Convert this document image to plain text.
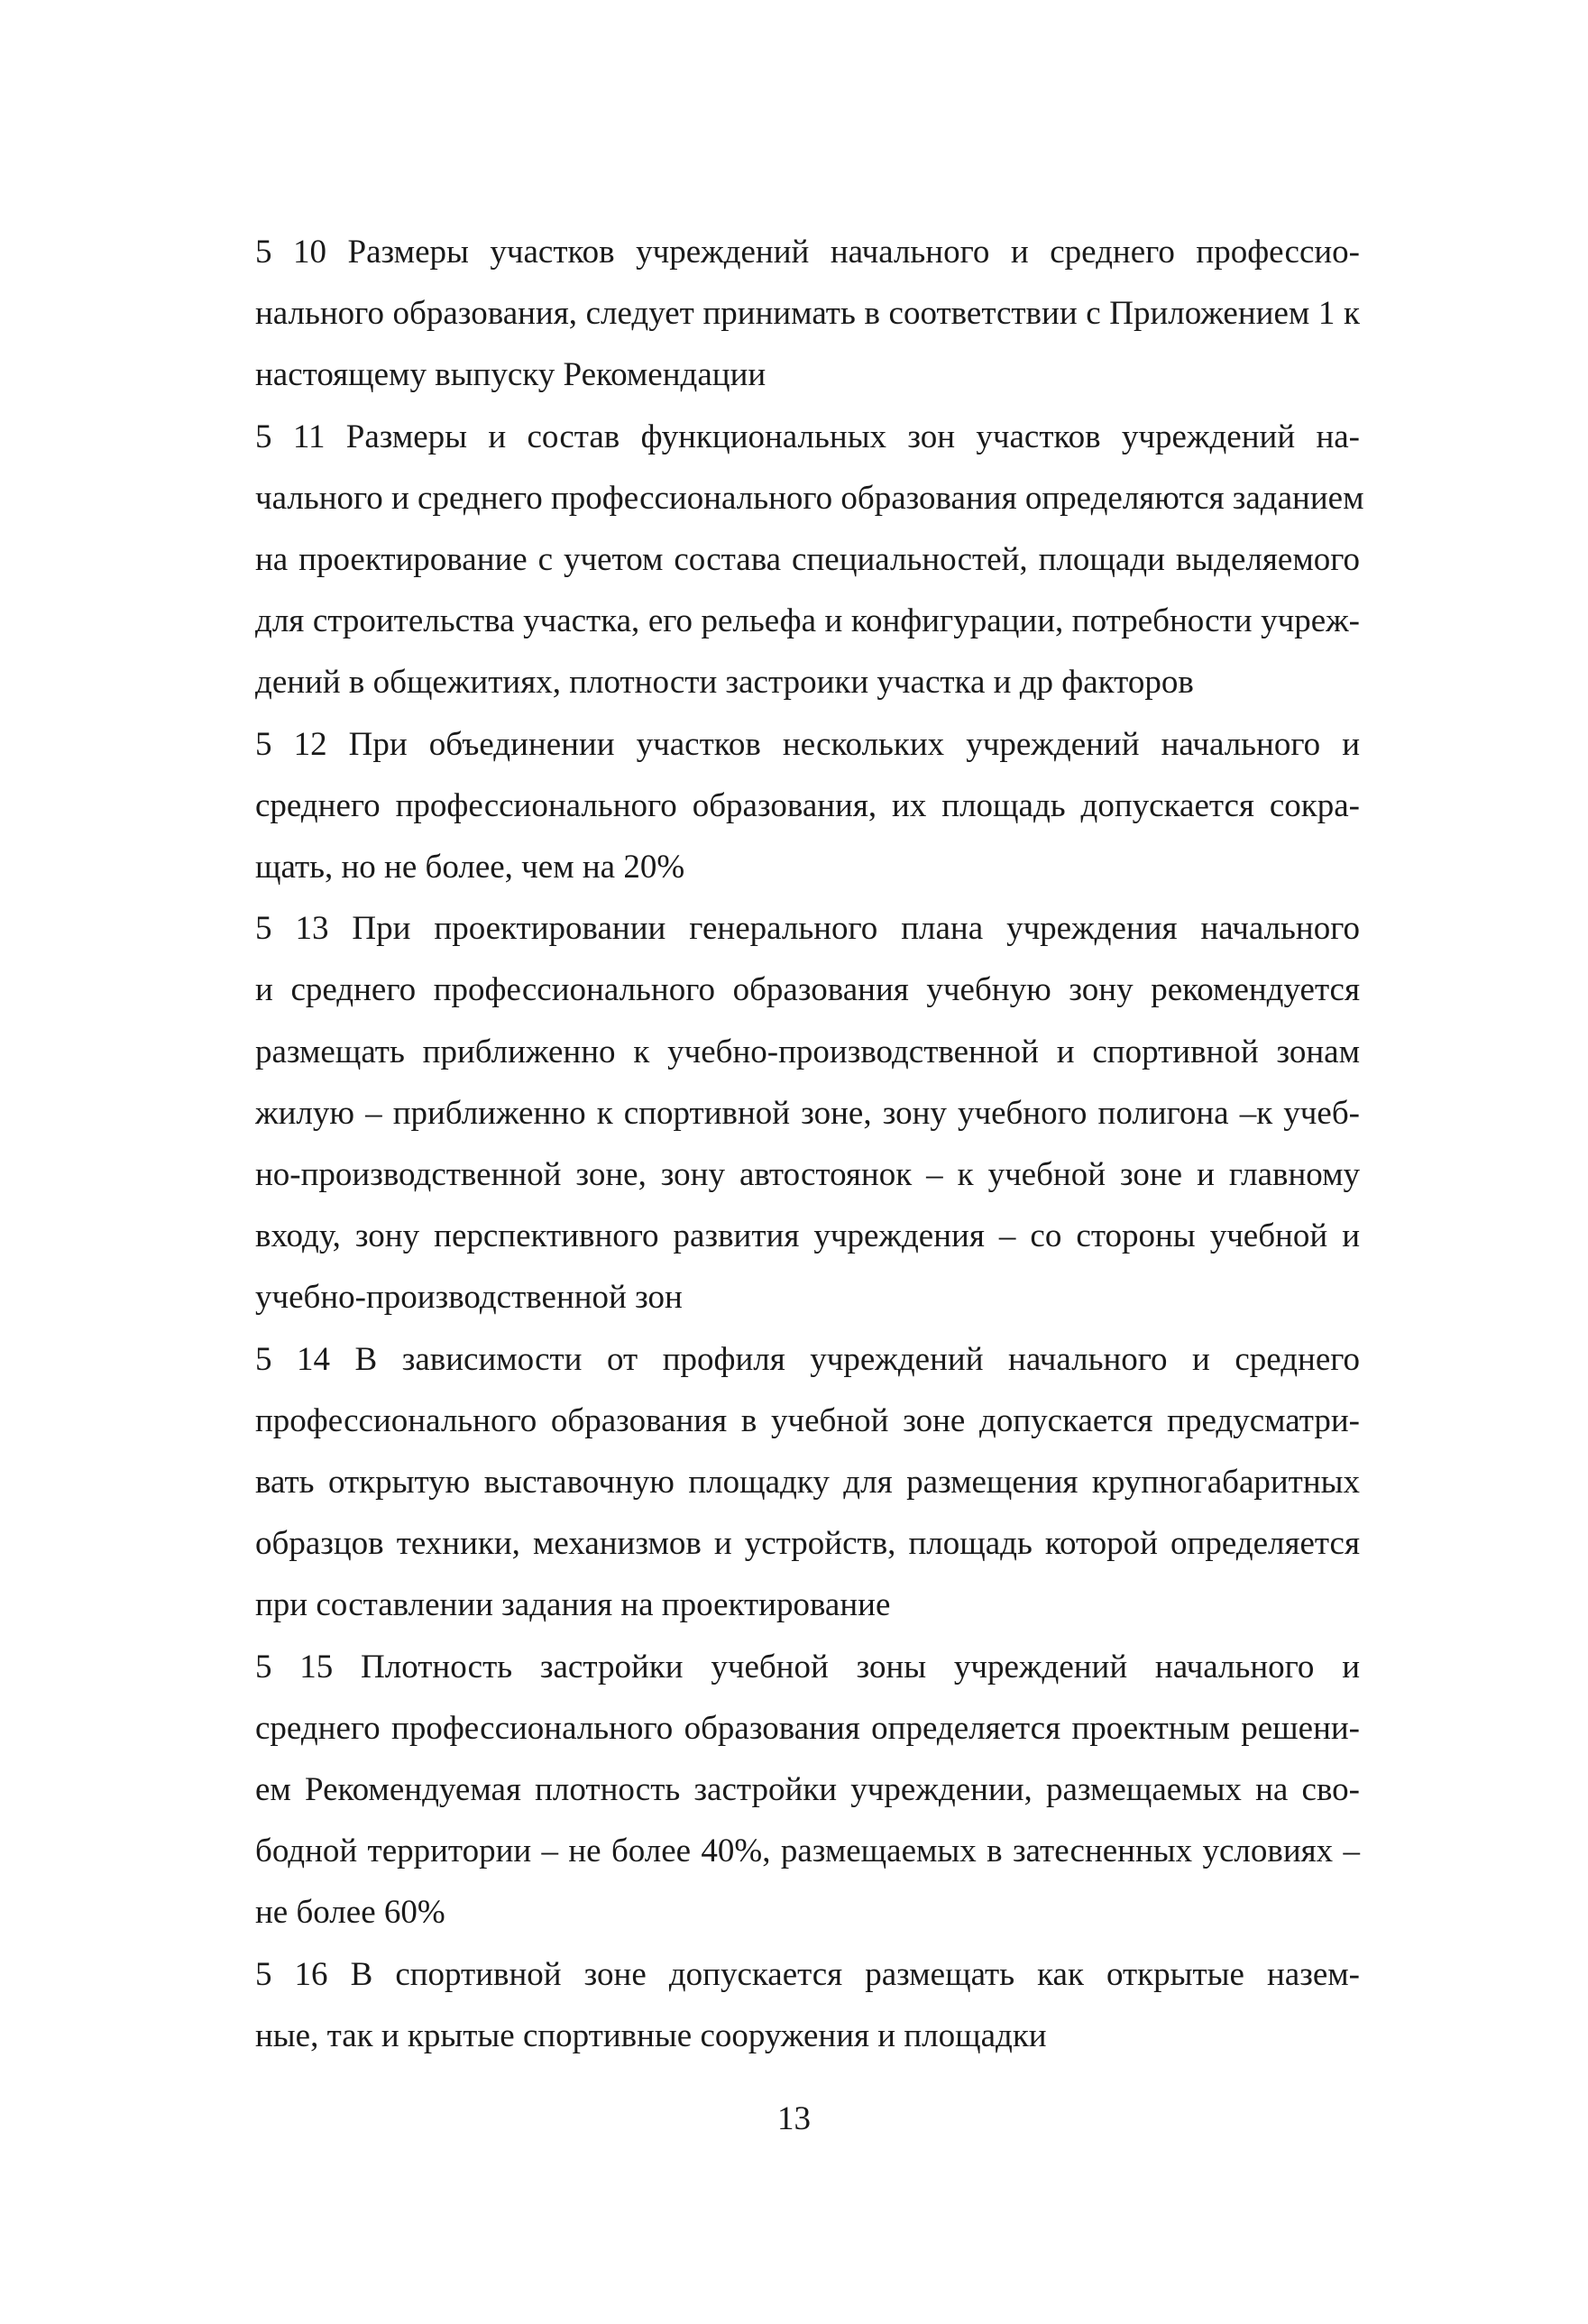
5 10 Размеры участков учреждений начального и среднего профессио-
нального образования, следует принимать в соответствии с Приложением 1 к
настоящему выпуску Рекомендации
5 11 Размеры и состав функциональных зон участков учреждений на-
чального и среднего профессионального образования определяются заданием
на проектирование с учетом состава специальностей, площади выделяемого
для строительства участка, его рельефа и конфигурации, потребности учреж-
дений в общежитиях, плотности застроики участка и др факторов
5 12 При объединении участков нескольких учреждений начального и
среднего профессионального образования, их площадь допускается сокра-
щать, но не более, чем на 20%
5 13 При проектировании генерального плана учреждения начального
и среднего профессионального образования учебную зону рекомендуется
размещать приближенно к учебно-производственной и спортивной зонам
жилую – приближенно к спортивной зоне, зону учебного полигона –к учеб-
но-производственной зоне, зону автостоянок – к учебной зоне и главному
входу, зону перспективного развития учреждения – со стороны учебной и
учебно-производственной зон
5 14 В зависимости от профиля учреждений начального и среднего
профессионального образования в учебной зоне допускается предусматри-
вать открытую выставочную площадку для размещения крупногабаритных
образцов техники, механизмов и устройств, площадь которой определяется
при составлении задания на проектирование
5 15 Плотность застройки учебной зоны учреждений начального и
среднего профессионального образования определяется проектным решени-
ем Рекомендуемая плотность застройки учреждении, размещаемых на сво-
бодной территории – не более 40%, размещаемых в затесненных условиях –
не более 60%
5 16 В спортивной зоне допускается размещать как открытые назем-
ные, так и крытые спортивные сооружения и площадки
13
